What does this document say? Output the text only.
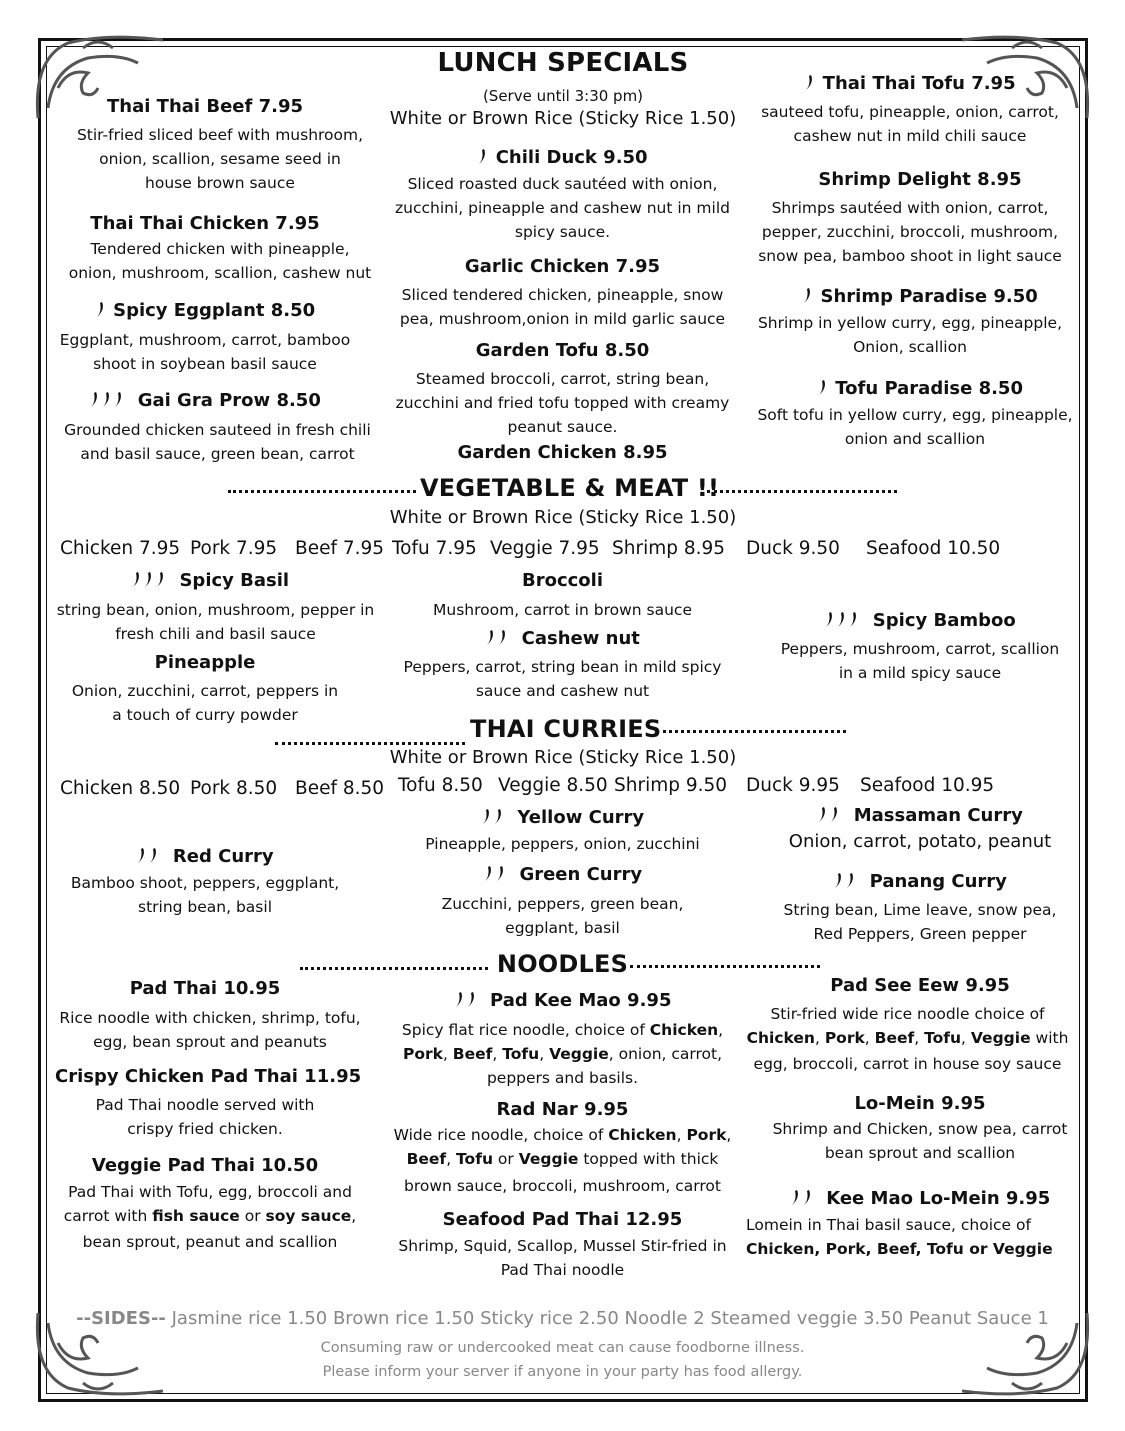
LUNCH SPECIALS
(Serve until 3:30 pm)
White or Brown Rice (Sticky Rice 1.50)
Thai Thai Beef 7.95
Stir-fried sliced beef with mushroom,
onion, scallion, sesame seed in
house brown sauce
Thai Thai Chicken 7.95
Tendered chicken with pineapple,
onion, mushroom, scallion, cashew nut
Spicy Eggplant 8.50
Eggplant, mushroom, carrot, bamboo
shoot in soybean basil sauce
Gai Gra Prow 8.50
Grounded chicken sauteed in fresh chili
and basil sauce, green bean, carrot
Chili Duck 9.50
Sliced roasted duck sautéed with onion,
zucchini, pineapple and cashew nut in mild
spicy sauce.
Garlic Chicken 7.95
Sliced tendered chicken, pineapple, snow
pea, mushroom,onion in mild garlic sauce
Garden Tofu 8.50
Steamed broccoli, carrot, string bean,
zucchini and fried tofu topped with creamy
peanut sauce.
Garden Chicken 8.95
Thai Thai Tofu 7.95
sauteed tofu, pineapple, onion, carrot,
cashew nut in mild chili sauce
Shrimp Delight 8.95
Shrimps sautéed with onion, carrot,
pepper, zucchini, broccoli, mushroom,
snow pea, bamboo shoot in light sauce
Shrimp Paradise 9.50
Shrimp in yellow curry, egg, pineapple,
Onion, scallion
Tofu Paradise 8.50
Soft tofu in yellow curry, egg, pineapple,
onion and scallion
VEGETABLE & MEAT !!
White or Brown Rice (Sticky Rice 1.50)
Chicken 7.95 Pork 7.95 Beef 7.95 Tofu 7.95 Veggie 7.95 Shrimp 8.95 Duck 9.50 Seafood 10.50
Spicy Basil
string bean, onion, mushroom, pepper in
fresh chili and basil sauce
Pineapple
Onion, zucchini, carrot, peppers in
a touch of curry powder
Broccoli
Mushroom, carrot in brown sauce
Cashew nut
Peppers, carrot, string bean in mild spicy
sauce and cashew nut
Spicy Bamboo
Peppers, mushroom, carrot, scallion
in a mild spicy sauce
THAI CURRIES
White or Brown Rice (Sticky Rice 1.50)
Chicken 8.50 Pork 8.50 Beef 8.50 Tofu 8.50 Veggie 8.50 Shrimp 9.50 Duck 9.95 Seafood 10.95
Red Curry
Bamboo shoot, peppers, eggplant,
string bean, basil
Yellow Curry
Pineapple, peppers, onion, zucchini
Green Curry
Zucchini, peppers, green bean,
eggplant, basil
Massaman Curry
Onion, carrot, potato, peanut
Panang Curry
String bean, Lime leave, snow pea,
Red Peppers, Green pepper
NOODLES
Pad Thai 10.95
Rice noodle with chicken, shrimp, tofu,
egg, bean sprout and peanuts
Crispy Chicken Pad Thai 11.95
Pad Thai noodle served with
crispy fried chicken.
Veggie Pad Thai 10.50
Pad Thai with Tofu, egg, broccoli and
carrot with fish sauce or soy sauce,
bean sprout, peanut and scallion
Pad Kee Mao 9.95
Spicy flat rice noodle, choice of Chicken,
Pork, Beef, Tofu, Veggie, onion, carrot,
peppers and basils.
Rad Nar 9.95
Wide rice noodle, choice of Chicken, Pork,
Beef, Tofu or Veggie topped with thick
brown sauce, broccoli, mushroom, carrot
Seafood Pad Thai 12.95
Shrimp, Squid, Scallop, Mussel Stir-fried in
Pad Thai noodle
Pad See Eew 9.95
Stir-fried wide rice noodle choice of
Chicken, Pork, Beef, Tofu, Veggie with
egg, broccoli, carrot in house soy sauce
Lo-Mein 9.95
Shrimp and Chicken, snow pea, carrot
bean sprout and scallion
Kee Mao Lo-Mein 9.95
Lomein in Thai basil sauce, choice of
Chicken, Pork, Beef, Tofu or Veggie
--SIDES-- Jasmine rice 1.50 Brown rice 1.50 Sticky rice 2.50 Noodle 2 Steamed veggie 3.50 Peanut Sauce 1
Consuming raw or undercooked meat can cause foodborne illness.
Please inform your server if anyone in your party has food allergy.
